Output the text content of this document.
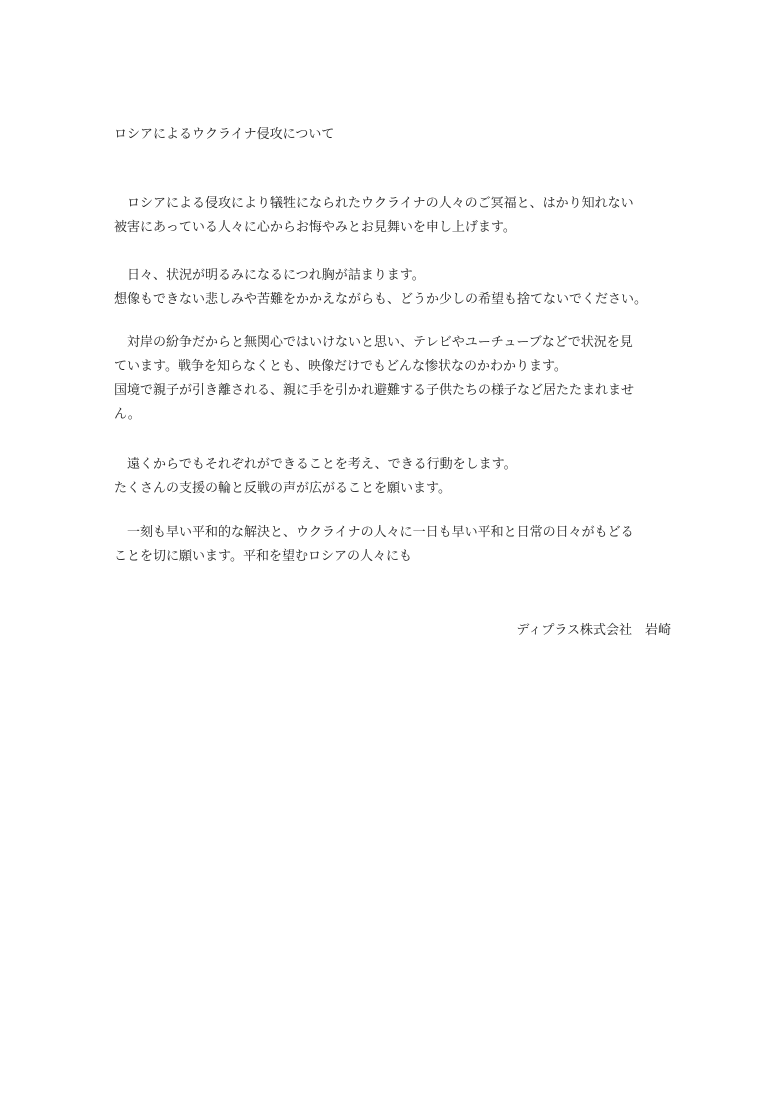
ロシアによるウクライナ侵攻について

　ロシアによる侵攻により犠牲になられたウクライナの人々のご冥福と、はかり知れない

被害にあっている人々に心からお悔やみとお見舞いを申し上げます。

　日々、状況が明るみになるにつれ胸が詰まります。

想像もできない悲しみや苦難をかかえながらも、どうか少しの希望も捨てないでください。

　対岸の紛争だからと無関心ではいけないと思い、テレビやユーチューブなどで状況を見

ています。戦争を知らなくとも、映像だけでもどんな惨状なのかわかります。

国境で親子が引き離される、親に手を引かれ避難する子供たちの様子など居たたまれませ

ん。

　遠くからでもそれぞれができることを考え、できる行動をします。

たくさんの支援の輪と反戦の声が広がることを願います。

　一刻も早い平和的な解決と、ウクライナの人々に一日も早い平和と日常の日々がもどる

ことを切に願います。平和を望むロシアの人々にも

ディプラス株式会社　岩崎
